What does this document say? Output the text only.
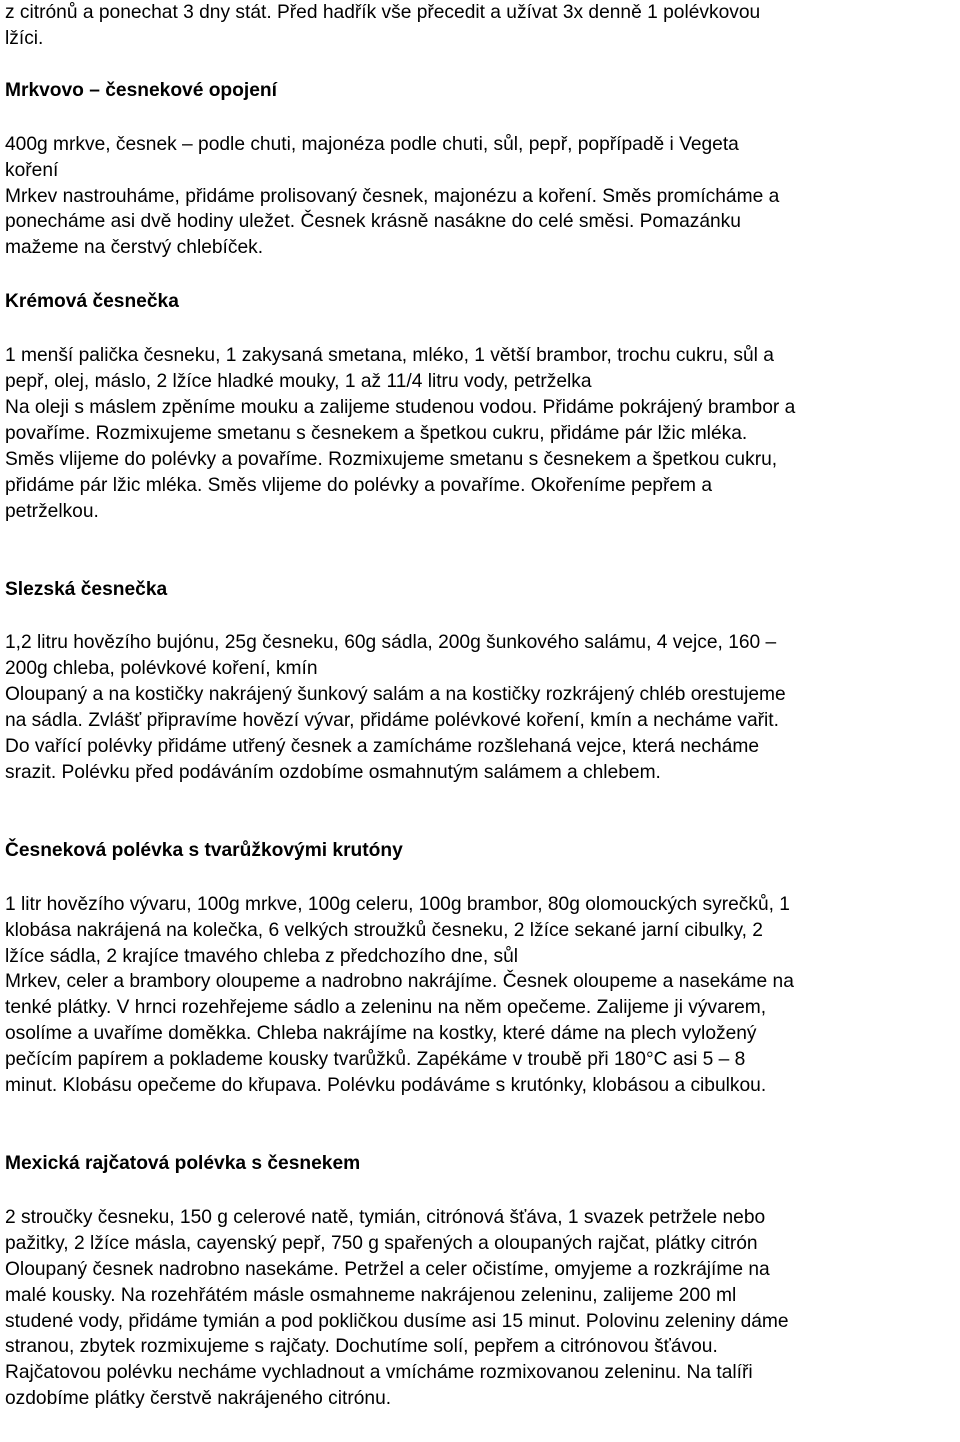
z citrónů a ponechat 3 dny stát. Před hadřík vše přecedit a užívat 3x denně 1 polévkovou
lžíci.

Mrkvovo – česnekové opojení

400g mrkve, česnek – podle chuti, majonéza podle chuti, sůl, pepř, popřípadě i Vegeta
koření

Mrkev nastrouháme, přidáme prolisovaný česnek, majonézu a koření. Směs promícháme a
ponecháme asi dvě hodiny uležet. Česnek krásně nasákne do celé směsi. Pomazánku
mažeme na čerstvý chlebíček.

Krémová česnečka

1 menší palička česneku, 1 zakysaná smetana, mléko, 1 větší brambor, trochu cukru, sůl a
pepř, olej, máslo, 2 lžíce hladké mouky, 1 až 11/4 litru vody, petrželka

Na oleji s máslem zpěníme mouku a zalijeme studenou vodou. Přidáme pokrájený brambor a
povaříme. Rozmixujeme smetanu s česnekem a špetkou cukru, přidáme pár lžic mléka.
Směs vlijeme do polévky a povaříme. Rozmixujeme smetanu s česnekem a špetkou cukru,
přidáme pár lžic mléka. Směs vlijeme do polévky a povaříme. Okořeníme pepřem a
petrželkou.

Slezská česnečka

1,2 litru hovězího bujónu, 25g česneku, 60g sádla, 200g šunkového salámu, 4 vejce, 160 –
200g chleba, polévkové koření, kmín

Oloupaný a na kostičky nakrájený šunkový salám a na kostičky rozkrájený chléb orestujeme
na sádla. Zvlášť připravíme hovězí vývar, přidáme polévkové koření, kmín a necháme vařit.
Do vařící polévky přidáme utřený česnek a zamícháme rozšlehaná vejce, která necháme
srazit. Polévku před podáváním ozdobíme osmahnutým salámem a chlebem.

Česneková polévka s tvarůžkovými krutóny

1 litr hovězího vývaru, 100g mrkve, 100g celeru, 100g brambor, 80g olomouckých syrečků, 1
klobása nakrájená na kolečka, 6 velkých stroužků česneku, 2 lžíce sekané jarní cibulky, 2
lžíce sádla, 2 krajíce tmavého chleba z předchozího dne, sůl

Mrkev, celer a brambory oloupeme a nadrobno nakrájíme. Česnek oloupeme a nasekáme na
tenké plátky. V hrnci rozehřejeme sádlo a zeleninu na něm opečeme. Zalijeme ji vývarem,
osolíme a uvaříme doměkka. Chleba nakrájíme na kostky, které dáme na plech vyložený
pečícím papírem a poklademe kousky tvarůžků. Zapékáme v troubě při 180°C asi 5 – 8
minut. Klobásu opečeme do křupava. Polévku podáváme s krutónky, klobásou a cibulkou.

Mexická rajčatová polévka s česnekem

2 stroučky česneku, 150 g celerové natě, tymián, citrónová šťáva, 1 svazek petržele nebo
pažitky, 2 lžíce másla, cayenský pepř, 750 g spařených a oloupaných rajčat, plátky citrón

Oloupaný česnek nadrobno nasekáme. Petržel a celer očistíme, omyjeme a rozkrájíme na
malé kousky. Na rozehřátém másle osmahneme nakrájenou zeleninu, zalijeme 200 ml
studené vody, přidáme tymián a pod pokličkou dusíme asi 15 minut. Polovinu zeleniny dáme
stranou, zbytek rozmixujeme s rajčaty. Dochutíme solí, pepřem a citrónovou šťávou.
Rajčatovou polévku necháme vychladnout a vmícháme rozmixovanou zeleninu. Na talíři
ozdobíme plátky čerstvě nakrájeného citrónu.
